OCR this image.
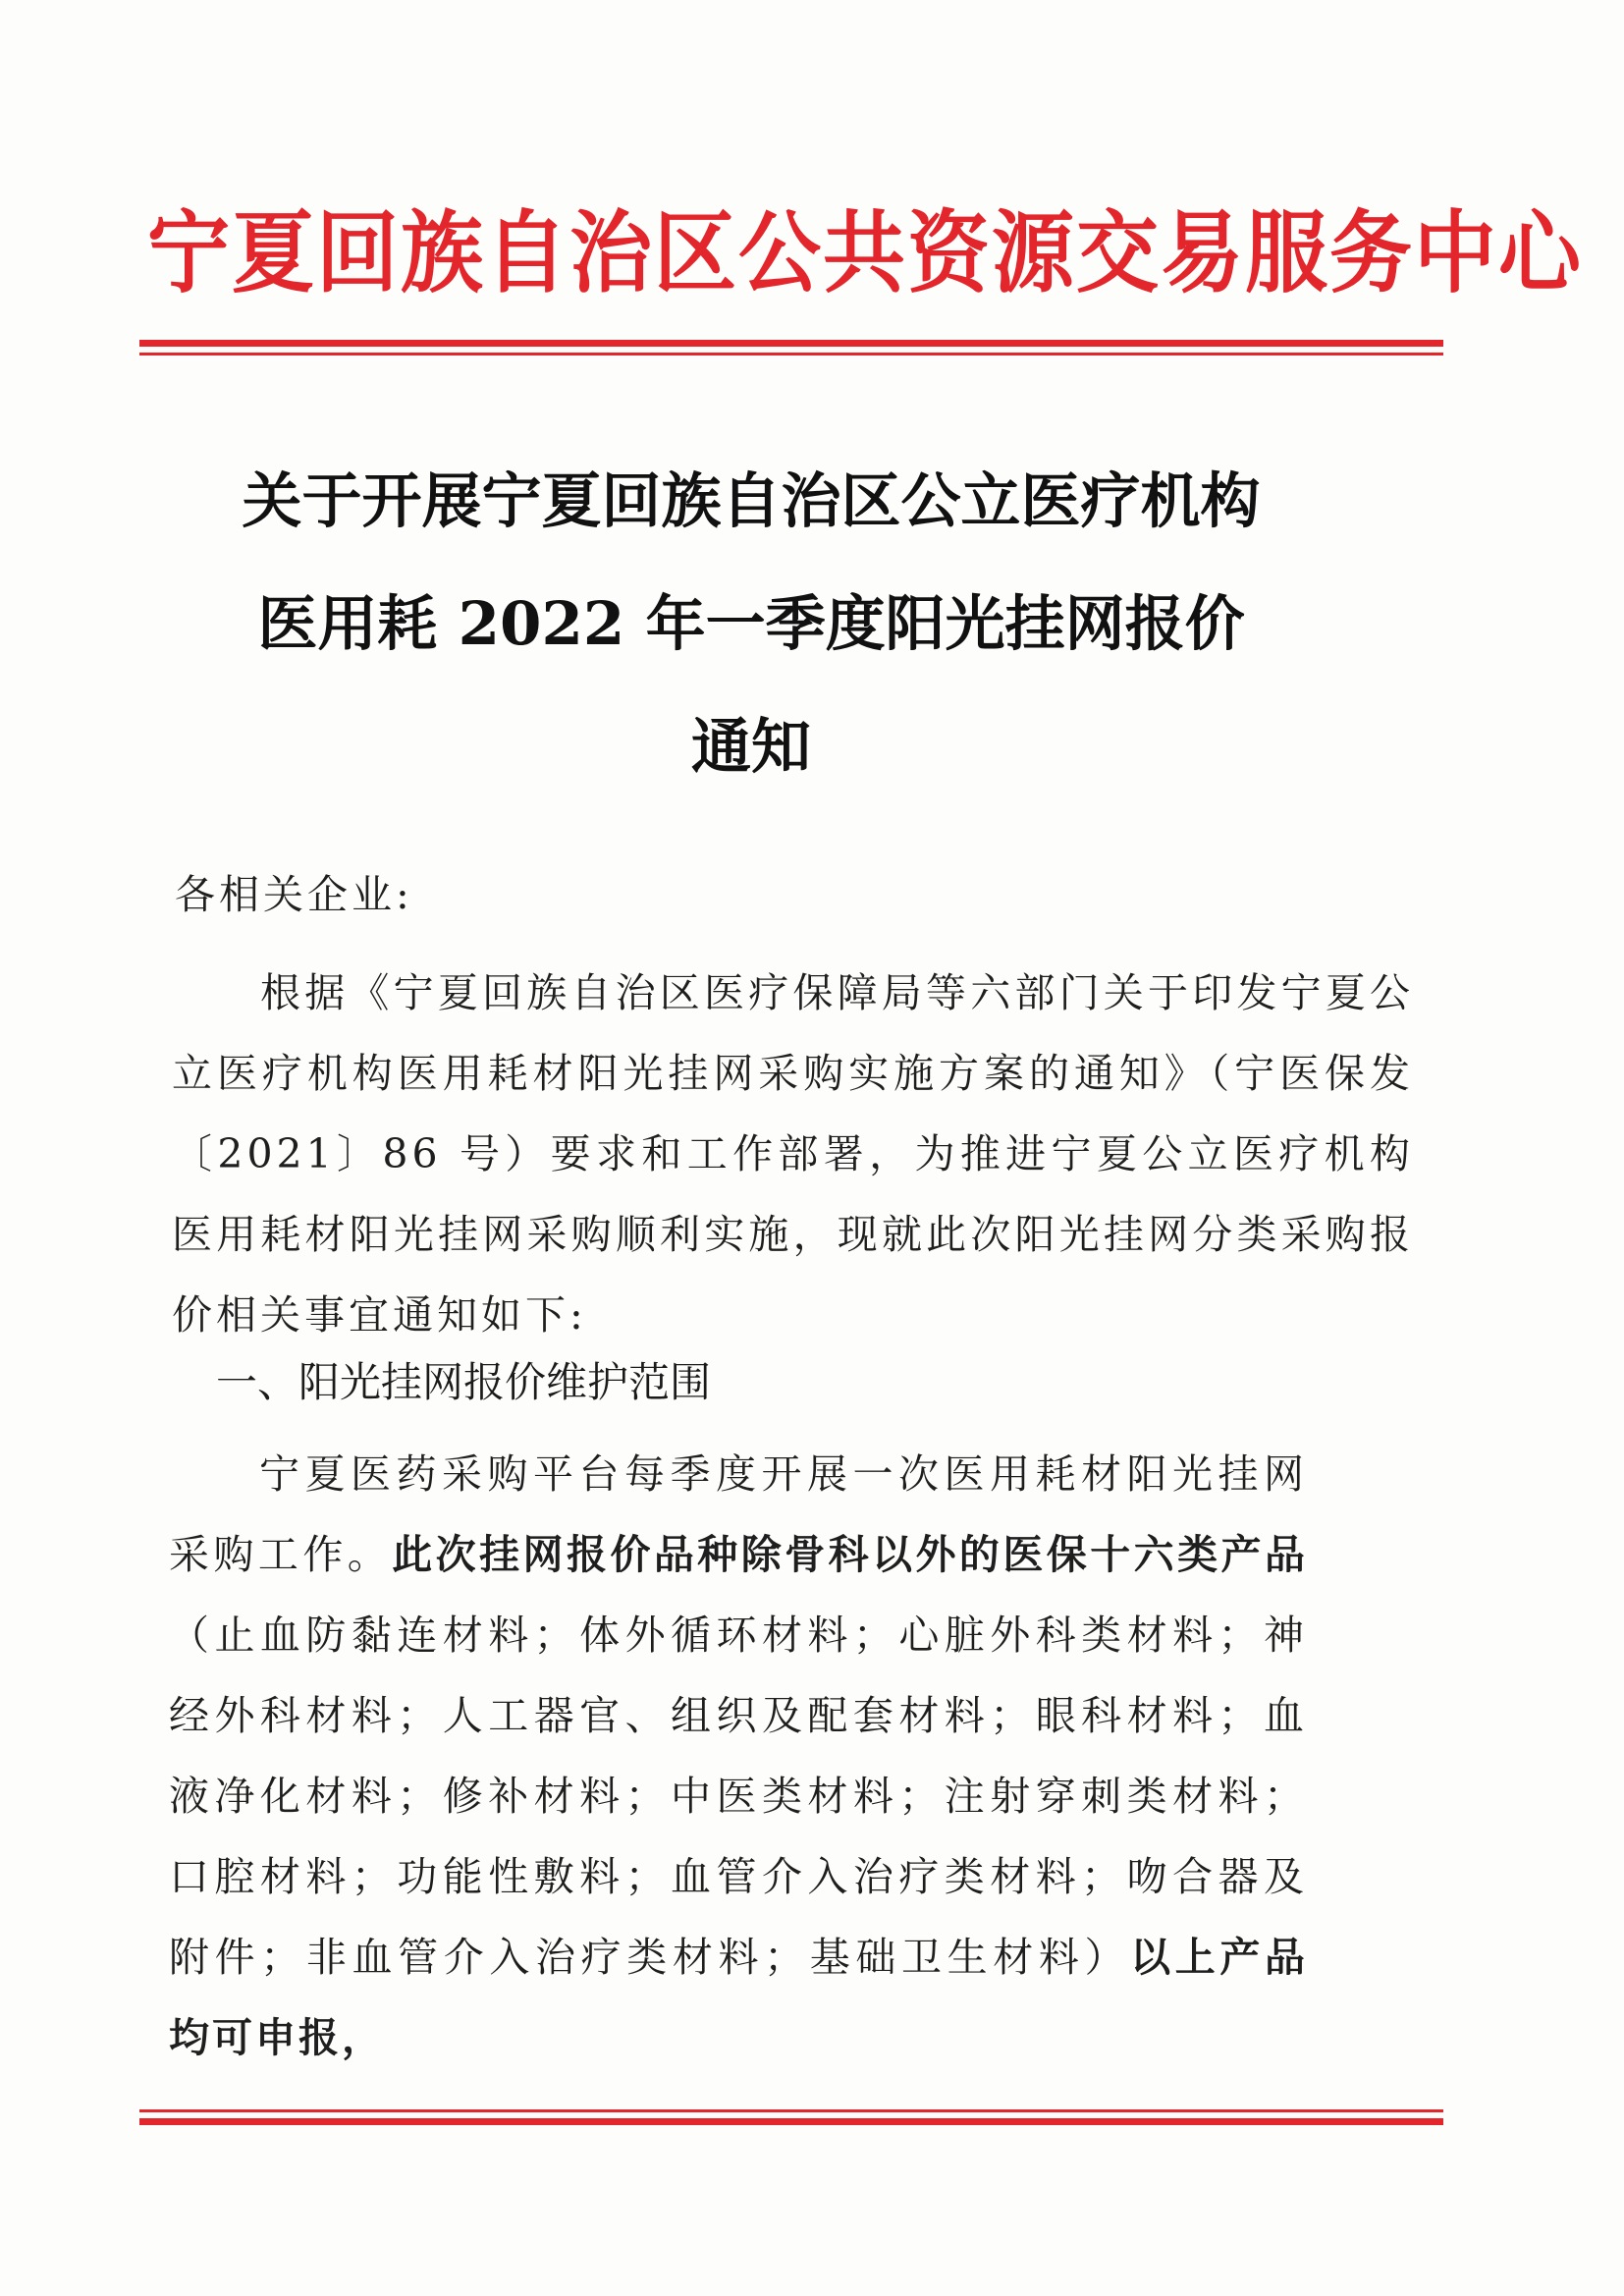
宁夏回族自治区公共资源交易服务中心
关于开展宁夏回族自治区公立医疗机构
医用耗 2022 年一季度阳光挂网报价
通知
各相关企业:
根据《宁夏回族自治区医疗保障局等六部门关于印发宁夏公立医疗机构医用耗材阳光挂网采购实施方案的通知》（宁医保发〔2021〕86 号）要求和工作部署，为推进宁夏公立医疗机构医用耗材阳光挂网采购顺利实施，现就此次阳光挂网分类采购报价相关事宜通知如下:
一、阳光挂网报价维护范围
宁夏医药采购平台每季度开展一次医用耗材阳光挂网采购工作。此次挂网报价品种除骨科以外的医保十六类产品（止血防黏连材料；体外循环材料；心脏外科类材料；神经外科材料；人工器官、组织及配套材料；眼科材料；血液净化材料；修补材料；中医类材料；注射穿刺类材料；口腔材料；功能性敷料；血管介入治疗类材料；吻合器及附件；非血管介入治疗类材料；基础卫生材料）以上产品均可申报，
